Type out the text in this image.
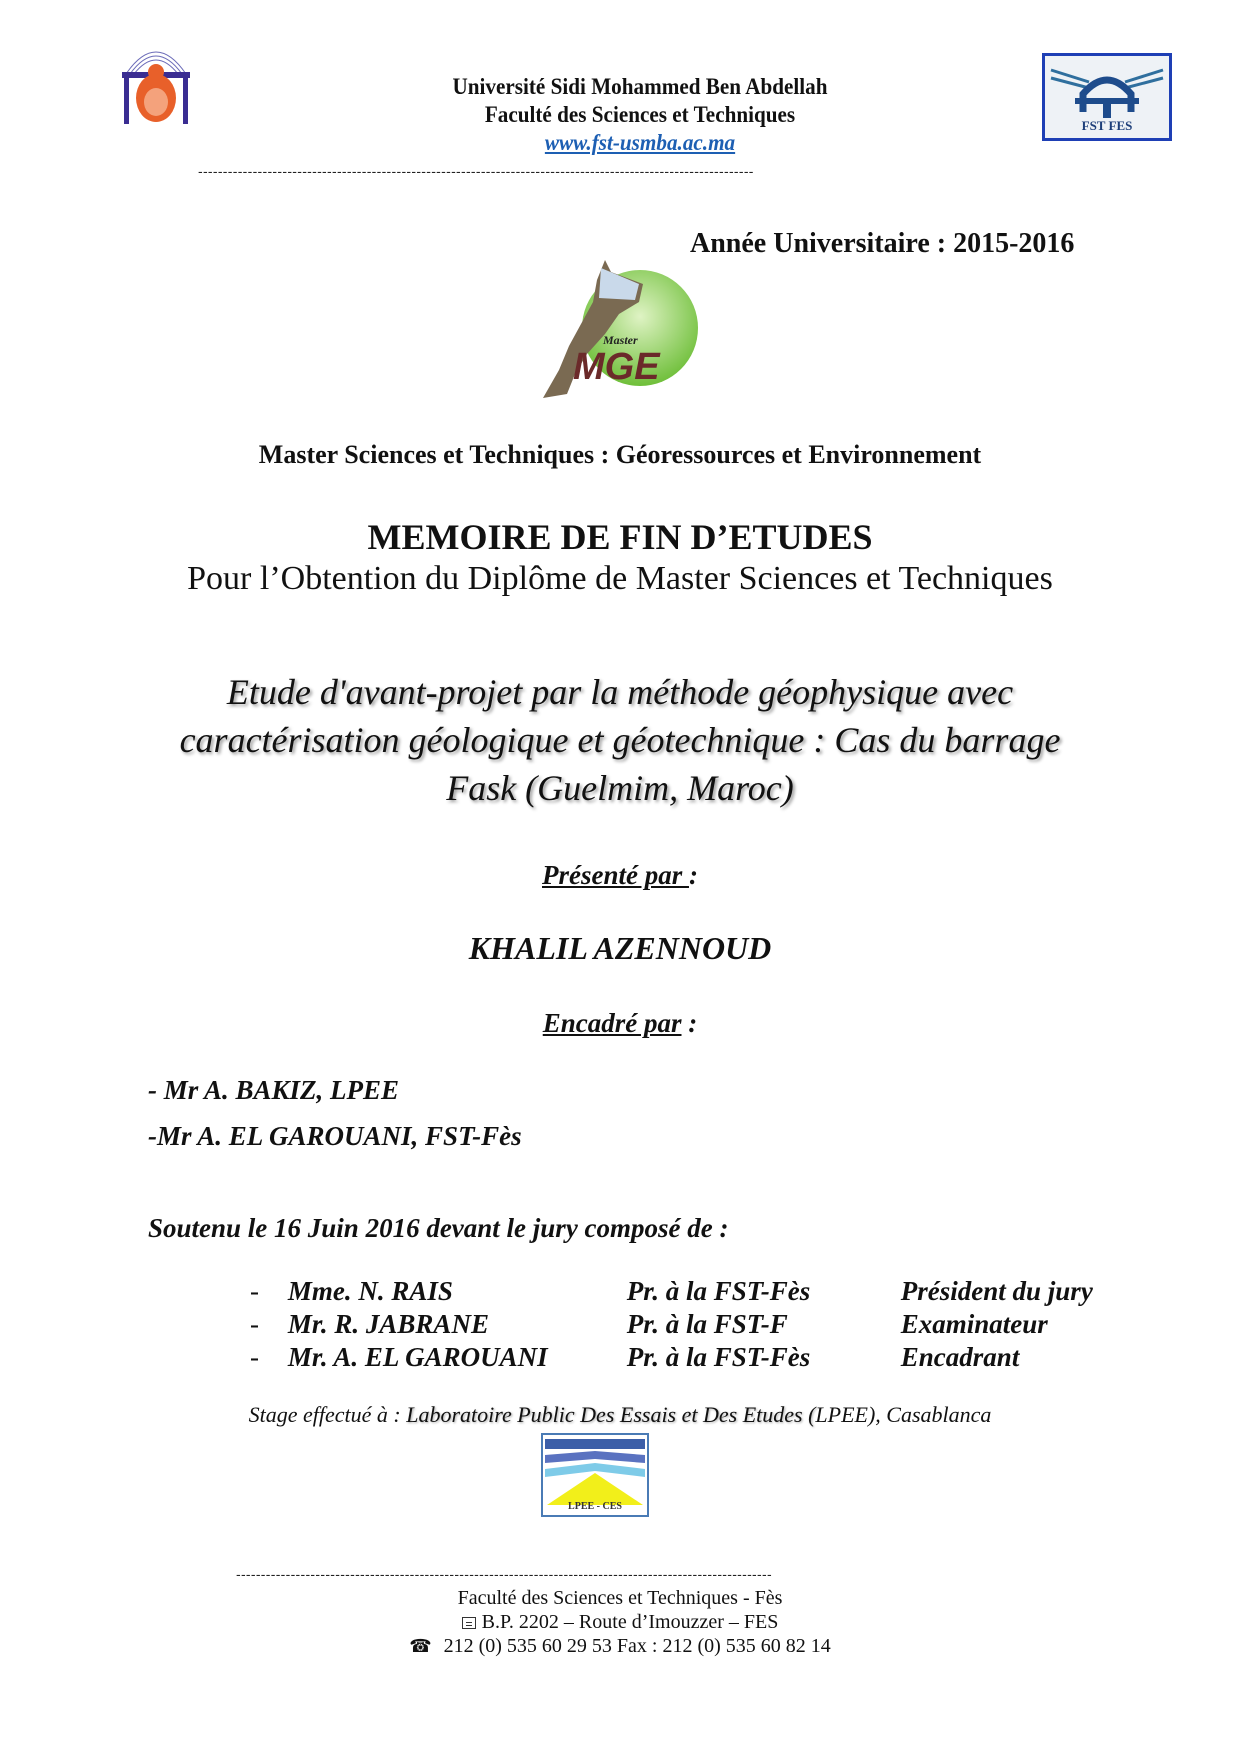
Université Sidi Mohammed Ben Abdellah
Faculté des Sciences et Techniques
www.fst-usmba.ac.ma
FST FES
----------------------------------------------------------------------------------------------------------------
Année Universitaire : 2015-2016
Master
MGE
Master Sciences et Techniques : Géoressources et Environnement
MEMOIRE DE FIN D’ETUDES
Pour l’Obtention du Diplôme de Master Sciences et Techniques
Etude d'avant-projet par la méthode géophysique avec
caractérisation géologique et géotechnique : Cas du barrage
Fask (Guelmim, Maroc)
Présenté par :
KHALIL AZENNOUD
Encadré par :
- Mr A. BAKIZ, LPEE
-Mr A. EL GAROUANI, FST-Fès
Soutenu le 16 Juin 2016 devant le jury composé de :
-	Mme. N. RAIS	Pr. à la FST-Fès	Président du jury
-	Mr. R. JABRANE	Pr. à la FST-F	Examinateur
-	Mr. A. EL GAROUANI	Pr. à la FST-Fès	Encadrant
Stage effectué à : Laboratoire Public Des Essais et Des Etudes (LPEE), Casablanca
LPEE - CES
------------------------------------------------------------------------------------------------------------
Faculté des Sciences et Techniques - Fès
B.P. 2202 – Route d’Imouzzer – FES
☎ 212 (0) 535 60 29 53 Fax : 212 (0) 535 60 82 14
